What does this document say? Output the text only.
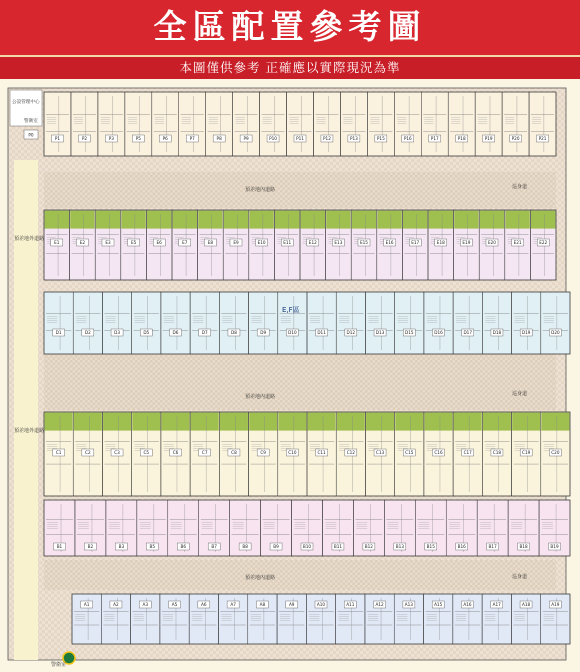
全區配置參考圖
本圖僅供參考 正確應以實際現況為準
公設管理中心
警衛室
P0
P1	P2	P3	P5	P6	P7	P8	P9	P10	P11	P12	P13	P15	P16	P17	P18	P19	P20	P21
E1	E2	E3	E5	E6	E7	E8	E9	E10	E11	E12	E13	E15	E16	E17	E18	E19	E20	E21	E22
D1	D2	D3	D5	D6	D7	D8	D9	D10	D11	D12	D13	D15	D16	D17	D18	D19	D20
C1	C2	C3	C5	C6	C7	C8	C9	C10	C11	C12	C13	C15	C16	C17	C18	C19	C20
B1	B2	B3	B5	B6	B7	B8	B9	B10	B11	B12	B13	B15	B16	B17	B18	B19
A1	A2	A3	A5	A6	A7	A8	A9	A10	A11	A12	A13	A15	A16	A17	A18	A19
預差地外道路
預差地外道路
預差地內道路
預差地內道路
預差地內道路
巡身道
巡身道
巡身道
E,F區
警衛室
